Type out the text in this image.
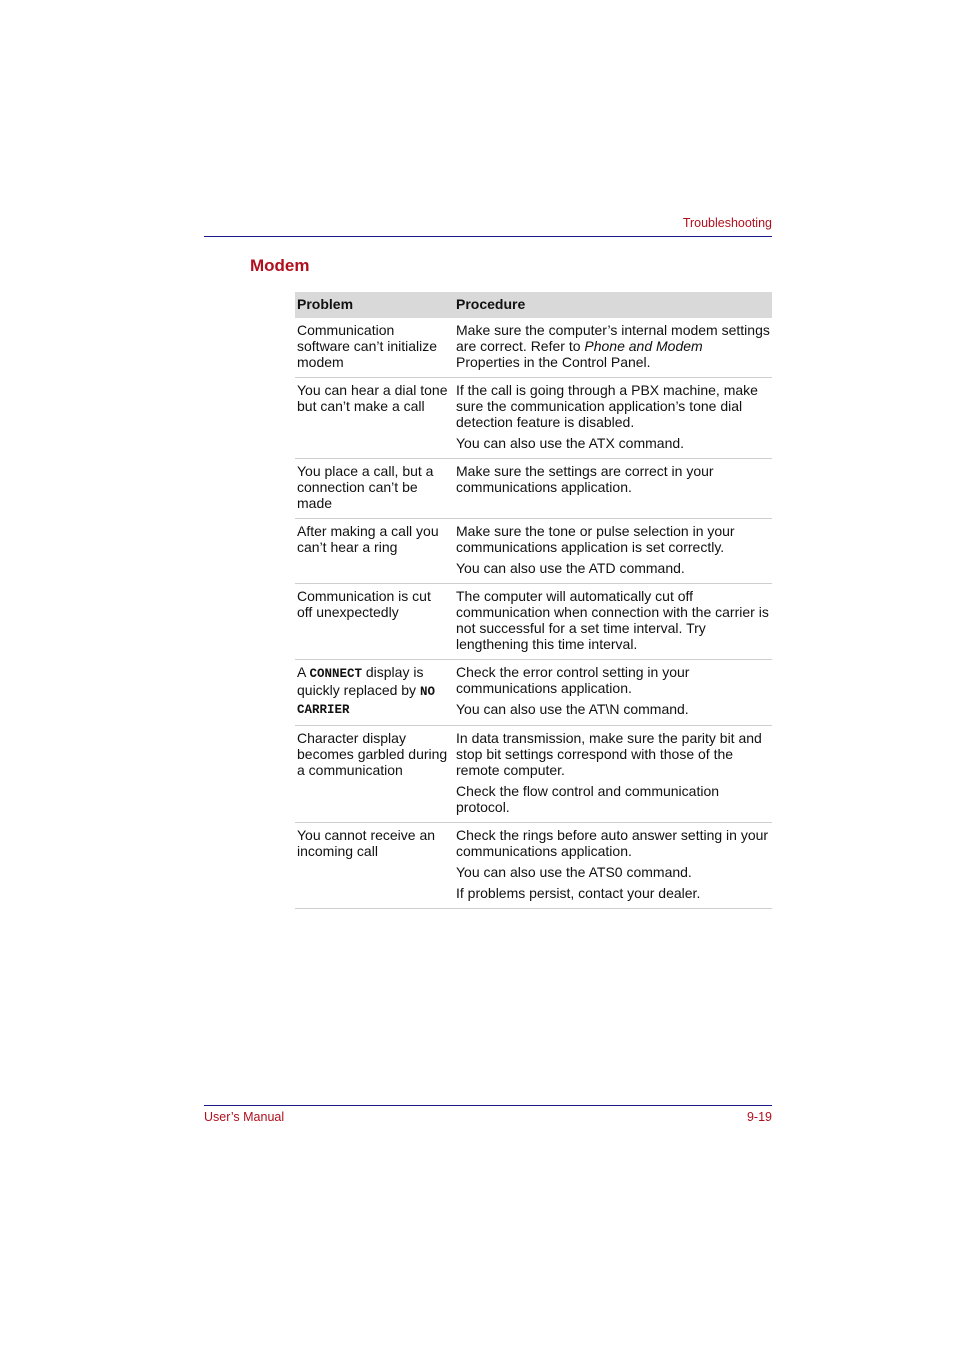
Troubleshooting
Modem
Problem	Procedure
Communication software can’t initialize modem	Make sure the computer’s internal modem settings are correct. Refer to Phone and Modem Properties in the Control Panel.

You can hear a dial tone but can’t make a call	If the call is going through a PBX machine, make sure the communication application’s tone dial detection feature is disabled.

You can also use the ATX command.

You place a call, but a connection can’t be made	Make sure the settings are correct in your communications application.

After making a call you can’t hear a ring	Make sure the tone or pulse selection in your communications application is set correctly.

You can also use the ATD command.

Communication is cut off unexpectedly	The computer will automatically cut off communication when connection with the carrier is not successful for a set time interval. Try lengthening this time interval.

A CONNECT display is quickly replaced by NO CARRIER	Check the error control setting in your communications application.

You can also use the AT\N command.

Character display becomes garbled during a communication	In data transmission, make sure the parity bit and stop bit settings correspond with those of the remote computer.

Check the flow control and communication protocol.

You cannot receive an incoming call	Check the rings before auto answer setting in your communications application.

You can also use the ATS0 command.

If problems persist, contact your dealer.

User’s Manual	9-19
